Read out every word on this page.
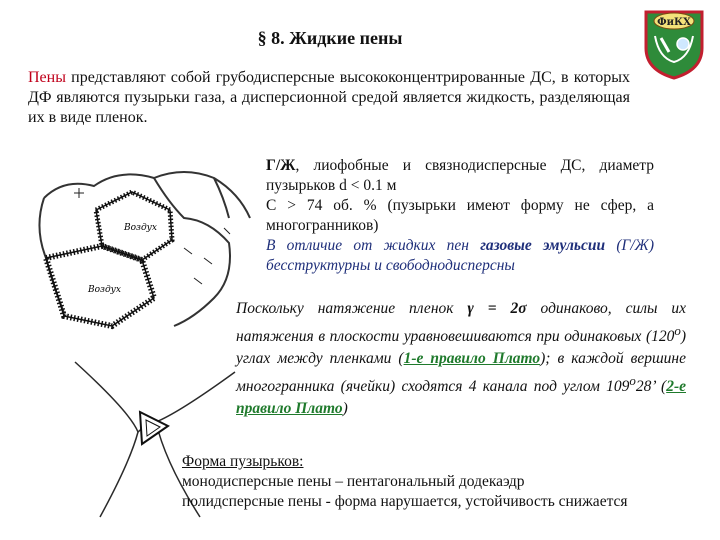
§ 8. Жидкие пены
ФиКХ
Пены представляют собой грубодисперсные высококонцентрированные ДС, в которых ДФ являются пузырьки газа, а дисперсионной средой является жидкость, разделяющая их в виде пленок.
Воздух
Воздух
Г/Ж, лиофобные и связнодисперсные ДС, диаметр пузырьков d < 0.1 м
С > 74 об. % (пузырьки имеют форму не сфер, а многогранников)
В отличие от жидких пен газовые эмульсии (Г/Ж) бесструктурны и свободнодисперсны
Поскольку натяжение пленок γ = 2σ одинаково, силы их натяжения в плоскости уравновешиваются при одинаковых (120$^o$) углах между пленками (1-е правило Плато); в каждой вершине многогранника (ячейки) сходятся 4 канала под углом 109$^o$28’ (2-е правило Плато)
Форма пузырьков:
монодисперсные пены – пентагональный додекаэдр
полидсперсные пены - форма нарушается, устойчивость снижается
